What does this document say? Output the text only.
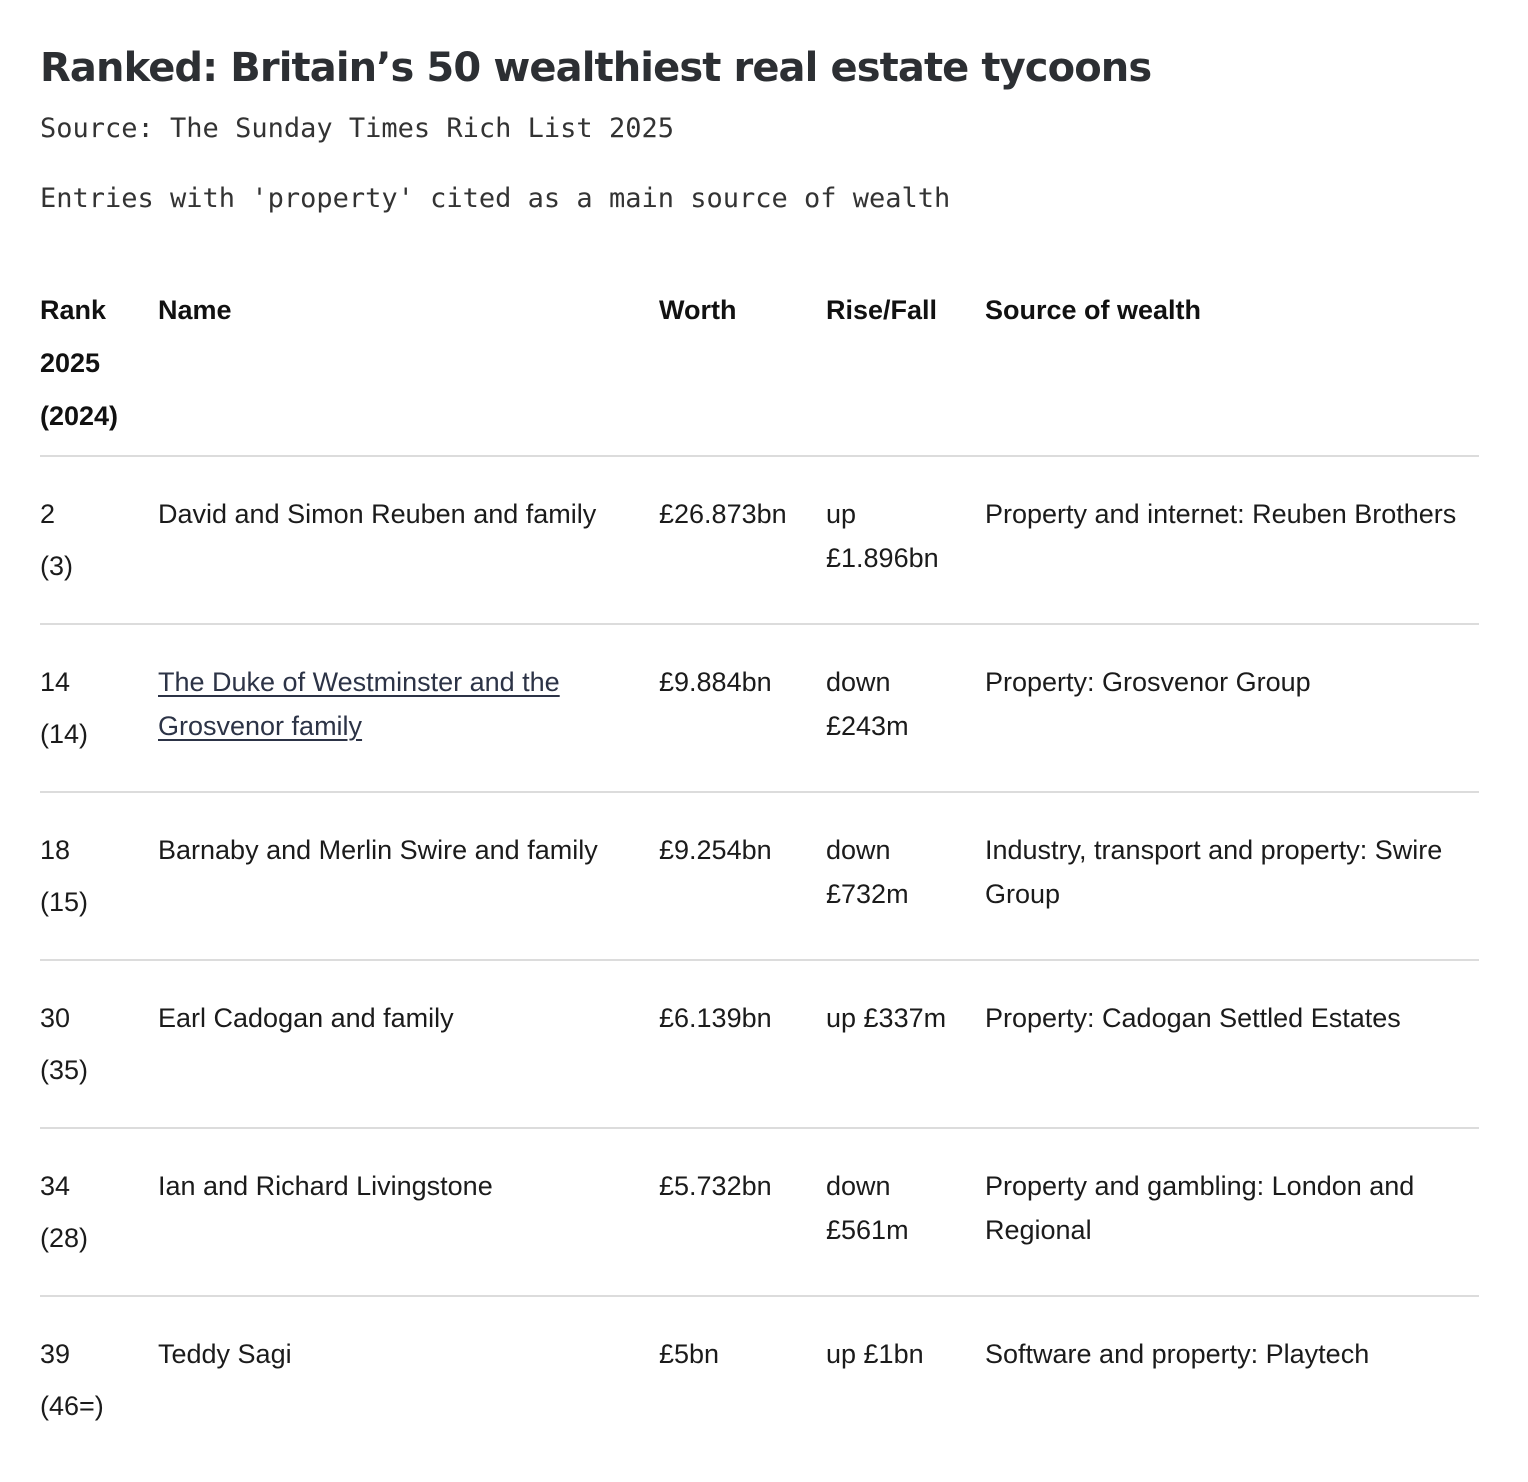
Ranked: Britain’s 50 wealthiest real estate tycoons

Source: The Sunday Times Rich List 2025

Entries with 'property' cited as a main source of wealth

Rank
2025
(2024)	Name	Worth	Rise/Fall	Source of wealth

2
(3)	David and Simon Reuben and family	£26.873bn	up £1.896bn	Property and internet: Reuben Brothers

14
(14)	The Duke of Westminster and the Grosvenor family	£9.884bn	down £243m	Property: Grosvenor Group

18
(15)	Barnaby and Merlin Swire and family	£9.254bn	down £732m	Industry, transport and property: Swire Group

30
(35)	Earl Cadogan and family	£6.139bn	up £337m	Property: Cadogan Settled Estates

34
(28)	Ian and Richard Livingstone	£5.732bn	down £561m	Property and gambling: London and Regional

39
(46=)	Teddy Sagi	£5bn	up £1bn	Software and property: Playtech
